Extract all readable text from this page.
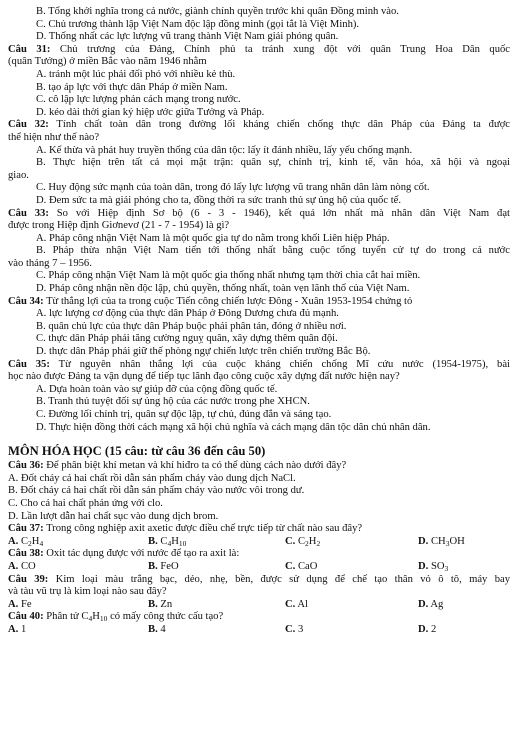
B. Tổng khởi nghĩa trong cả nước, giành chính quyền trước khi quân Đồng minh vào.
C. Chủ trương thành lập Việt Nam độc lập đồng minh (gọi tắt là Việt Minh).
D. Thống nhất các lực lượng vũ trang thành Việt Nam giải phóng quân.
Câu 31: Chủ trương của Đảng, Chính phủ ta tránh xung đột với quân Trung Hoa Dân quốc
(quân Tưởng) ở miền Bắc vào năm 1946 nhằm
A. tránh một lúc phải đối phó với nhiều kẻ thù.
B. tạo áp lực với thực dân Pháp ở miền Nam.
C. cô lập lực lượng phản cách mạng trong nước.
D. kéo dài thời gian ký hiệp ước giữa Tưởng và Pháp.
Câu 32: Tính chất toàn dân trong đường lối kháng chiến chống thực dân Pháp của Đảng ta được
thể hiện như thế nào?
A. Kế thừa và phát huy truyền thống của dân tộc: lấy ít đánh nhiều, lấy yếu chống mạnh.
B. Thực hiện trên tất cả mọi mặt trận: quân sự, chính trị, kinh tế, văn hóa, xã hội và ngoại
giao.
C. Huy động sức mạnh của toàn dân, trong đó lấy lực lượng vũ trang nhân dân làm nòng cốt.
D. Đem sức ta mà giải phóng cho ta, đồng thời ra sức tranh thủ sự ủng hộ của quốc tế.
Câu 33: So với Hiệp định Sơ bộ (6 - 3 - 1946), kết quả lớn nhất mà nhân dân Việt Nam đạt
được trong Hiệp định Giơnevơ (21 - 7 - 1954) là gì?
A. Pháp công nhận Việt Nam là một quốc gia tự do nằm trong khối Liên hiệp Pháp.
B. Pháp thừa nhận Việt Nam tiến tới thống nhất bằng cuộc tổng tuyển cử tự do trong cả nước
vào tháng 7 – 1956.
C. Pháp công nhận Việt Nam là một quốc gia thống nhất nhưng tạm thời chia cắt hai miền.
D. Pháp công nhận nền độc lập, chủ quyền, thống nhất, toàn vẹn lãnh thổ của Việt Nam.
Câu 34: Từ thắng lợi của ta trong cuộc Tiến công chiến lược Đông - Xuân 1953-1954 chứng tỏ
A. lực lượng cơ động của thực dân Pháp ở Đông Dương chưa đủ mạnh.
B. quân chủ lực của thực dân Pháp buộc phải phân tán, đóng ở nhiều nơi.
C. thực dân Pháp phải tăng cường nguỵ quân, xây dựng thêm quân đội.
D. thực dân Pháp phải giữ thế phòng ngự chiến lược trên chiến trường Bắc Bộ.
Câu 35: Từ nguyên nhân thắng lợi của cuộc kháng chiến chống Mĩ cứu nước (1954-1975), bài
học nào được Đảng ta vận dụng để tiếp tục lãnh đạo công cuộc xây dựng đất nước hiện nay?
A. Dựa hoàn toàn vào sự giúp đỡ của cộng đồng quốc tế.
B. Tranh thủ tuyệt đối sự ủng hộ của các nước trong phe XHCN.
C. Đường lối chính trị, quân sự độc lập, tự chủ, đúng đắn và sáng tạo.
D. Thực hiện đồng thời cách mạng xã hội chủ nghĩa và cách mạng dân tộc dân chủ nhân dân.
MÔN HÓA HỌC (15 câu: từ câu 36 đến câu 50)
Câu 36: Để phân biệt khí metan và khí hiđro ta có thể dùng cách nào dưới đây?
A. Đốt cháy cả hai chất rồi dẫn sản phẩm cháy vào dung dịch NaCl.
B. Đốt cháy cả hai chất rồi dẫn sản phẩm cháy vào nước vôi trong dư.
C. Cho cả hai chất phản ứng với clo.
D. Lần lượt dẫn hai chất sục vào dung dịch brom.
Câu 37: Trong công nghiệp axit axetic được điều chế trực tiếp từ chất nào sau đây?
A. $C_2H_4$	B. $C_4H_{10}$	C. $C_2H_2$	D. $CH_3OH$
Câu 38: Oxit tác dụng được với nước để tạo ra axit là:
A. CO	B. FeO	C. CaO	D. $SO_3$
Câu 39: Kim loại màu trắng bạc, dẻo, nhẹ, bền, được sử dụng để chế tạo thân vỏ ô tô, máy bay
và tàu vũ trụ là kim loại nào sau đây?
A. Fe	B. Zn	C. Al	D. Ag
Câu 40: Phân tử $C_4H_{10}$ có mấy công thức cấu tạo?
A. 1	B. 4	C. 3	D. 2
